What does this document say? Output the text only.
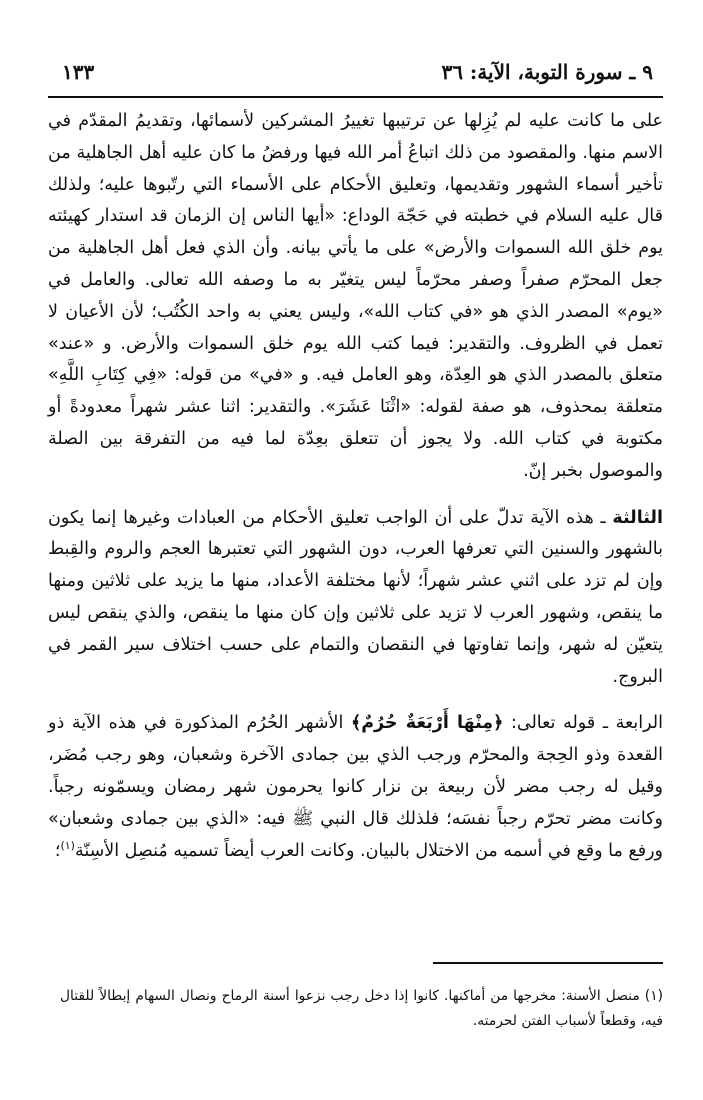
٩ ـ سورة التوبة، الآية: ٣٦
١٣٣

على ما كانت عليه لم يُزِلها عن ترتيبها تغييرُ المشركين لأسمائها، وتقديمُ المقدّم في الاسم منها. والمقصود من ذلك اتباعُ أمر الله فيها ورفضُ ما كان عليه أهل الجاهلية من تأخير أسماء الشهور وتقديمها، وتعليق الأحكام على الأسماء التي رتّبوها عليه؛ ولذلك قال عليه السلام في خطبته في حَجّة الوداع: «أيها الناس إن الزمان قد استدار كهيئته يوم خلق الله السموات والأرض» على ما يأتي بيانه. وأن الذي فعل أهل الجاهلية من جعل المحرّم صفراً وصفر محرّماً ليس يتغيّر به ما وصفه الله تعالى. والعامل في «يوم» المصدر الذي هو «في كتاب الله»، وليس يعني به واحد الكُتُب؛ لأن الأعيان لا تعمل في الظروف. والتقدير: فيما كتب الله يوم خلق السموات والأرض. و «عند» متعلق بالمصدر الذي هو العِدّة، وهو العامل فيه. و «في» من قوله: «فِي كِتَابِ اللَّهِ» متعلقة بمحذوف، هو صفة لقوله: «اثْنَا عَشَرَ». والتقدير: اثنا عشر شهراً معدودةً أو مكتوبة في كتاب الله. ولا يجوز أن تتعلق بعِدّة لما فيه من التفرقة بين الصلة والموصول بخبر إنّ.

الثالثة ـ هذه الآية تدلّ على أن الواجب تعليق الأحكام من العبادات وغيرها إنما يكون بالشهور والسنين التي تعرفها العرب، دون الشهور التي تعتبرها العجم والروم والقِبط وإن لم تزد على اثني عشر شهراً؛ لأنها مختلفة الأعداد، منها ما يزيد على ثلاثين ومنها ما ينقص، وشهور العرب لا تزيد على ثلاثين وإن كان منها ما ينقص، والذي ينقص ليس يتعيّن له شهر، وإنما تفاوتها في النقصان والتمام على حسب اختلاف سير القمر في البروج.

الرابعة ـ قوله تعالى: ﴿مِنْهَا أَرْبَعَةٌ حُرُمٌ﴾ الأشهر الحُرُم المذكورة في هذه الآية ذو القعدة وذو الحِجة والمحرّم ورجب الذي بين جمادى الآخرة وشعبان، وهو رجب مُضَر، وقيل له رجب مضر لأن ربيعة بن نزار كانوا يحرمون شهر رمضان ويسمّونه رجباً. وكانت مضر تحرّم رجباً نفسَه؛ فلذلك قال النبي ﷺ فيه: «الذي بين جمادى وشعبان» ورفع ما وقع في أسمه من الاختلال بالبيان. وكانت العرب أيضاً تسميه مُنصِل الأسِنّة$^{(١)}$؛

(١) منصل الأسنة: مخرجها من أماكنها. كانوا إذا دخل رجب نزعوا أسنة الرماح ونصال السهام إبطالاً للقتال فيه، وقطعاً لأسباب الفتن لحرمته.
